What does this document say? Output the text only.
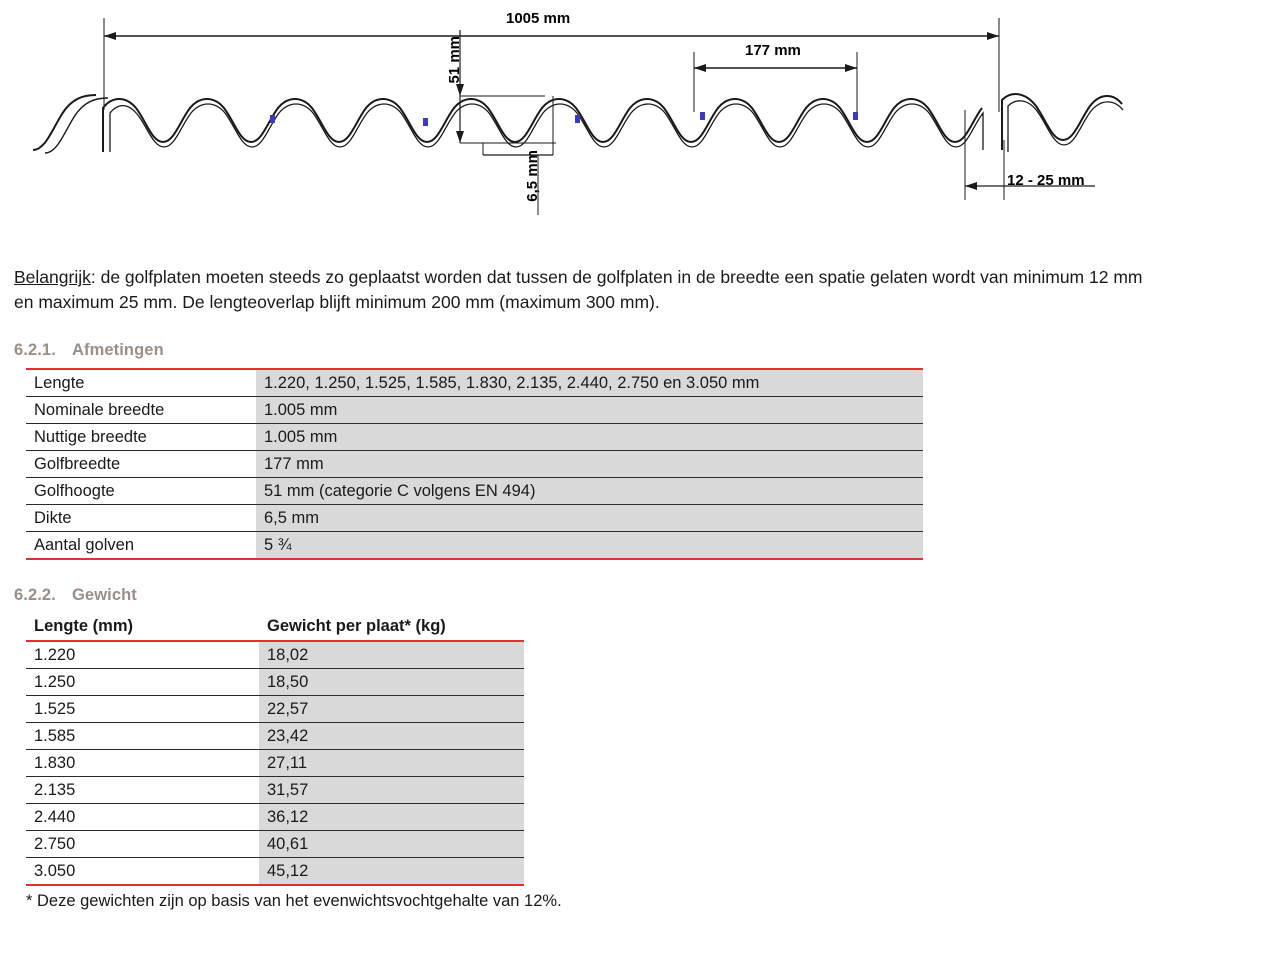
1005 mm
177 mm
51 mm
6,5 mm	12 - 25 mm

Belangrijk: de golfplaten moeten steeds zo geplaatst worden dat tussen de golfplaten in de breedte een spatie gelaten wordt van minimum 12 mm en maximum 25 mm. De lengteoverlap blijft minimum 200 mm (maximum 300 mm).

6.2.1. Afmetingen
Lengte	1.220, 1.250, 1.525, 1.585, 1.830, 2.135, 2.440, 2.750 en 3.050 mm
Nominale breedte	1.005 mm
Nuttige breedte	1.005 mm
Golfbreedte	177 mm
Golfhoogte	51 mm (categorie C volgens EN 494)
Dikte	6,5 mm
Aantal golven	5 ¾
6.2.2. Gewicht
Lengte (mm)	Gewicht per plaat* (kg)
1.220	18,02
1.250	18,50
1.525	22,57
1.585	23,42
1.830	27,11
2.135	31,57
2.440	36,12
2.750	40,61
3.050	45,12

* Deze gewichten zijn op basis van het evenwichtsvochtgehalte van 12%.
